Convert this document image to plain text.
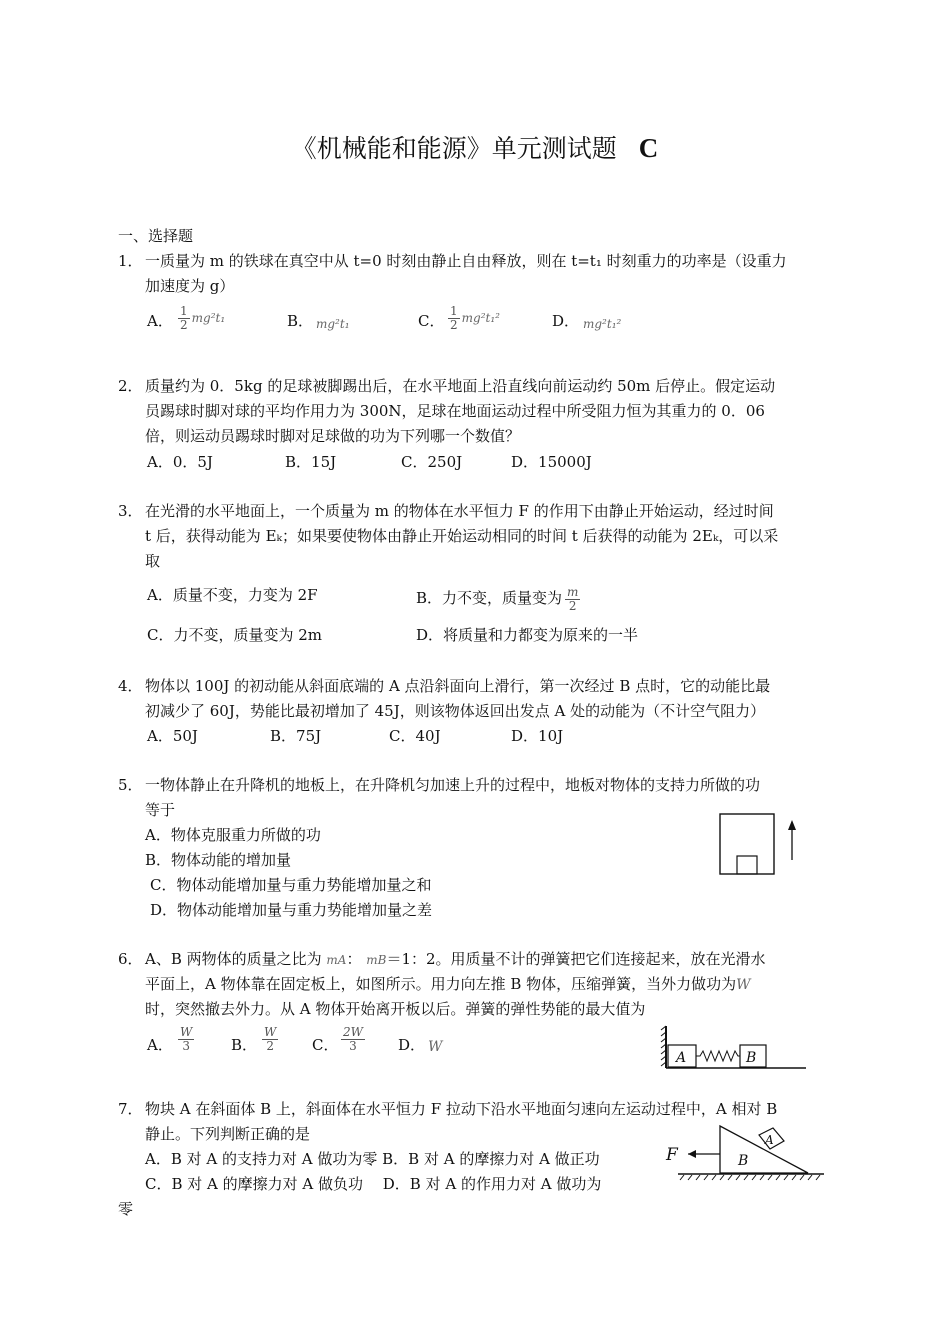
《机械能和能源》单元测试题 C
一、选择题
1． 一质量为 m 的铁球在真空中从 t=0 时刻由静止自由释放，则在 t=t₁ 时刻重力的功率是（设重力
加速度为 g）
A． $\frac{1}{2} mg^2t_1$	B． mg²t₁	C． $\frac{1}{2} mg^2t_1^2$	D． mg²t₁²
2． 质量约为 0．5kg 的足球被脚踢出后，在水平地面上沿直线向前运动约 50m 后停止。假定运动
员踢球时脚对球的平均作用力为 300N，足球在地面运动过程中所受阻力恒为其重力的 0．06
倍，则运动员踢球时脚对足球做的功为下列哪一个数值？
A．0．5J	B．15J	C．250J	D．15000J
3． 在光滑的水平地面上，一个质量为 m 的物体在水平恒力 F 的作用下由静止开始运动，经过时间
t 后，获得动能为 Eₖ；如果要使物体由静止开始运动相同的时间 t 后获得的动能为 2Eₖ，可以采
取
A．质量不变，力变为 2F	B．力不变，质量变为 $\frac{m}{2}$
C．力不变，质量变为 2m	D．将质量和力都变为原来的一半
4． 物体以 100J 的初动能从斜面底端的 A 点沿斜面向上滑行，第一次经过 B 点时，它的动能比最
初减少了 60J，势能比最初增加了 45J，则该物体返回出发点 A 处的动能为（不计空气阻力）
A．50J	B．75J	C．40J	D．10J
5． 一物体静止在升降机的地板上，在升降机匀加速上升的过程中，地板对物体的支持力所做的功
等于
A．物体克服重力所做的功
B．物体动能的增加量
C．物体动能增加量与重力势能增加量之和
D．物体动能增加量与重力势能增加量之差
6． A、B 两物体的质量之比为 mA： mB＝1：2。用质量不计的弹簧把它们连接起来，放在光滑水
平面上，A 物体靠在固定板上，如图所示。用力向左推 B 物体，压缩弹簧，当外力做功为W
时，突然撤去外力。从 A 物体开始离开板以后。弹簧的弹性势能的最大值为
A． $\frac{W}{3}$ B． $\frac{W}{2}$ C． $\frac{2W}{3}$ D． W
A	B
7． 物块 A 在斜面体 B 上，斜面体在水平恒力 F 拉动下沿水平地面匀速向左运动过程中，A 相对 B
静止。下列判断正确的是
A．B 对 A 的支持力对 A 做功为零 B．B 对 A 的摩擦力对 A 做正功
C．B 对 A 的摩擦力对 A 做负功　 D．B 对 A 的作用力对 A 做功为
零
F	B
A
